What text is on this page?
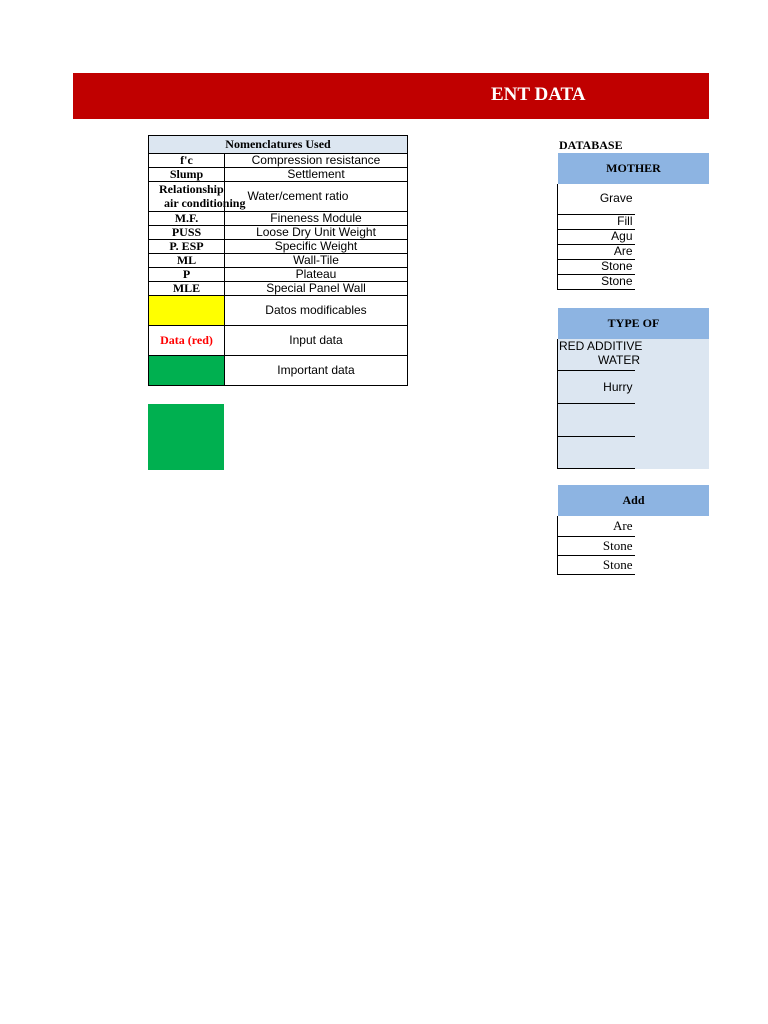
ENT DATA
Nomenclatures Used	
f'c	Compression resistance
Slump	Settlement

Relationship
air conditioning	Water/cement ratio
M.F.	Fineness Module
PUSS	Loose Dry Unit Weight
P. ESP	Specific Weight
ML	Wall-Tile
P	Plateau
MLE	Special Panel Wall
	Datos modificables
Data (red)	Input data
	Important data
DATABASE
MOTHER	
Grave	
Fill	
Agu	
Are	
Stone	
Stone	
TYPE OF	

RED ADDITIVE
WATER	

Hurry	

Add	
Are	
Stone	
Stone	
